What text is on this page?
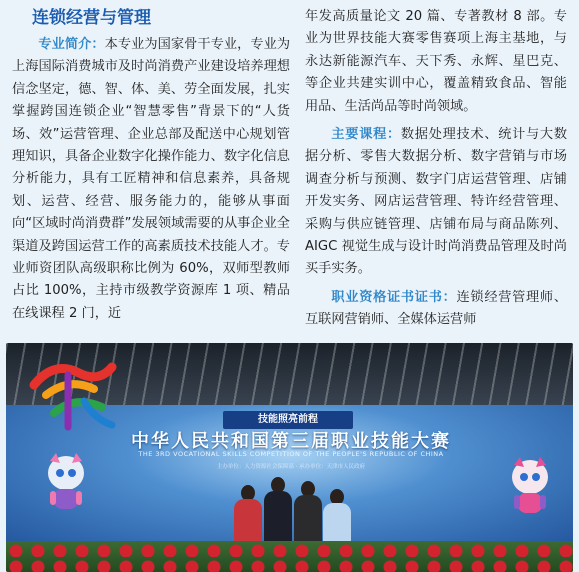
连锁经营与管理

专业简介：本专业为国家骨干专业，专业为上海国际消费城市及时尚消费产业建设培养理想信念坚定，德、智、体、美、劳全面发展，扎实掌握跨国连锁企业“智慧零售”背景下的“人货场、效”运营管理、企业总部及配送中心规划管理知识，具备企业数字化操作能力、数字化信息分析能力，具有工匠精神和信息素养，具备规划、运营、经营、服务能力的，能够从事面向“区域时尚消费群”发展领域需要的从事企业全渠道及跨国运营工作的高素质技术技能人才。专业师资团队高级职称比例为 60%，双师型教师占比 100%，主持市级教学资源库 1 项、精品在线课程 2 门，近

年发高质量论文 20 篇、专著教材 8 部。专业为世界技能大赛零售赛项上海主基地，与永达新能源汽车、天下秀、永辉、星巴克、等企业共建实训中心，覆盖精致食品、智能用品、生活尚品等时尚领域。

主要课程：数据处理技术、统计与大数据分析、零售大数据分析、数字营销与市场调查分析与预测、数字门店运营管理、店铺开发实务、网店运营管理、特许经营管理、采购与供应链管理、店铺布局与商品陈列、AIGC 视觉生成与设计时尚消费品管理及时尚买手实务。

职业资格证书证书：连锁经营管理师、互联网营销师、全媒体运营师

技能照亮前程
中华人民共和国第三届职业技能大赛
THE 3RD VOCATIONAL SKILLS COMPETITION OF THE PEOPLE'S REPUBLIC OF CHINA
主办单位：人力资源社会保障部 · 承办单位：天津市人民政府
